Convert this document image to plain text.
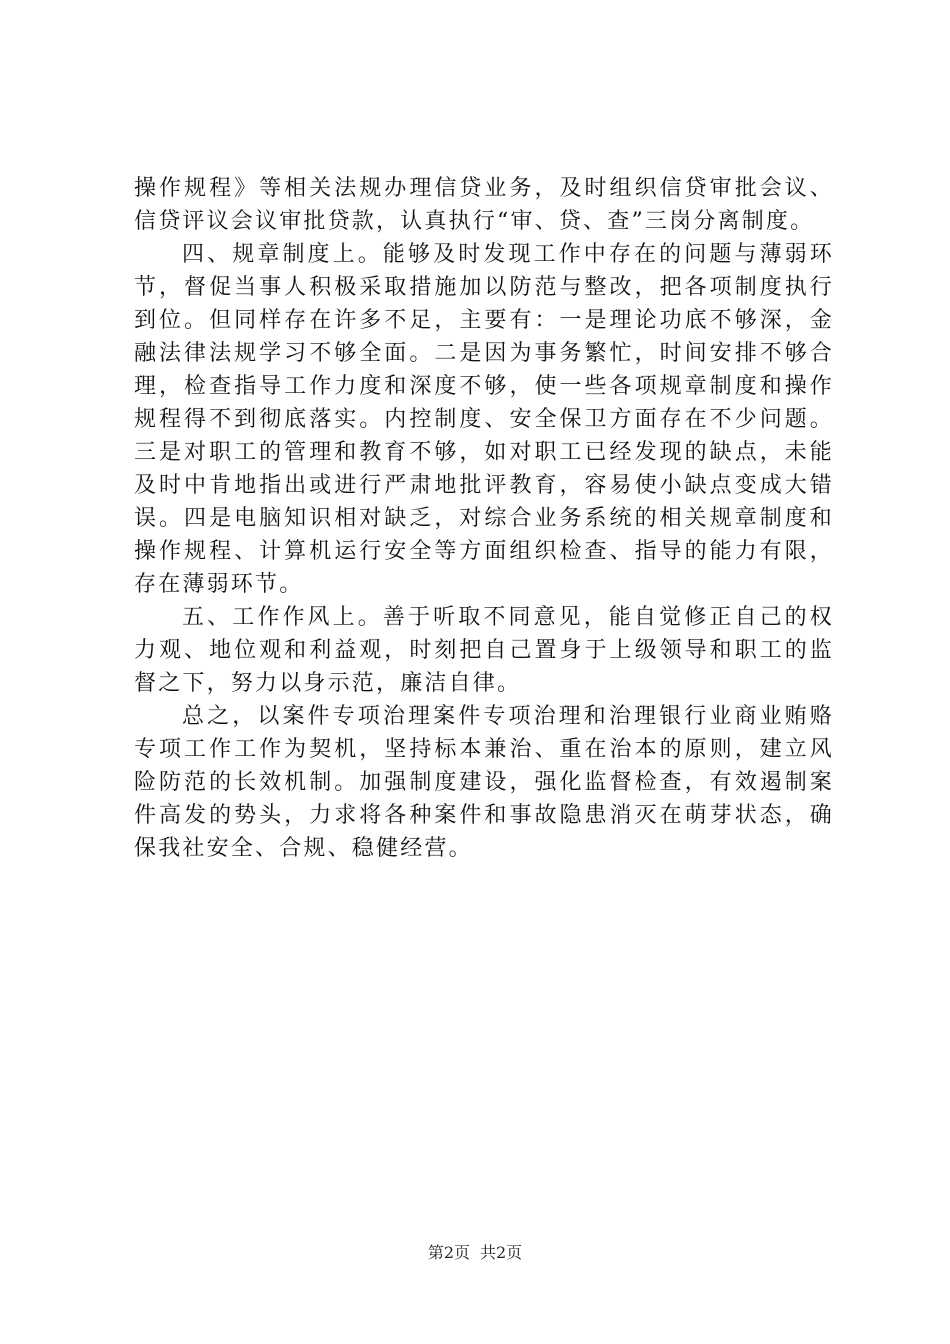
操作规程》等相关法规办理信贷业务，及时组织信贷审批会议、信贷评议会议审批贷款，认真执行“审、贷、查”三岗分离制度。

四、规章制度上。能够及时发现工作中存在的问题与薄弱环节，督促当事人积极采取措施加以防范与整改，把各项制度执行到位。但同样存在许多不足，主要有：一是理论功底不够深，金融法律法规学习不够全面。二是因为事务繁忙，时间安排不够合理，检查指导工作力度和深度不够，使一些各项规章制度和操作规程得不到彻底落实。内控制度、安全保卫方面存在不少问题。三是对职工的管理和教育不够，如对职工已经发现的缺点，未能及时中肯地指出或进行严肃地批评教育，容易使小缺点变成大错误。四是电脑知识相对缺乏，对综合业务系统的相关规章制度和操作规程、计算机运行安全等方面组织检查、指导的能力有限，存在薄弱环节。

五、工作作风上。善于听取不同意见，能自觉修正自己的权力观、地位观和利益观，时刻把自己置身于上级领导和职工的监督之下，努力以身示范，廉洁自律。

总之，以案件专项治理案件专项治理和治理银行业商业贿赂专项工作工作为契机，坚持标本兼治、重在治本的原则，建立风险防范的长效机制。加强制度建设，强化监督检查，有效遏制案件高发的势头，力求将各种案件和事故隐患消灭在萌芽状态，确保我社安全、合规、稳健经营。

第2页 共2页
